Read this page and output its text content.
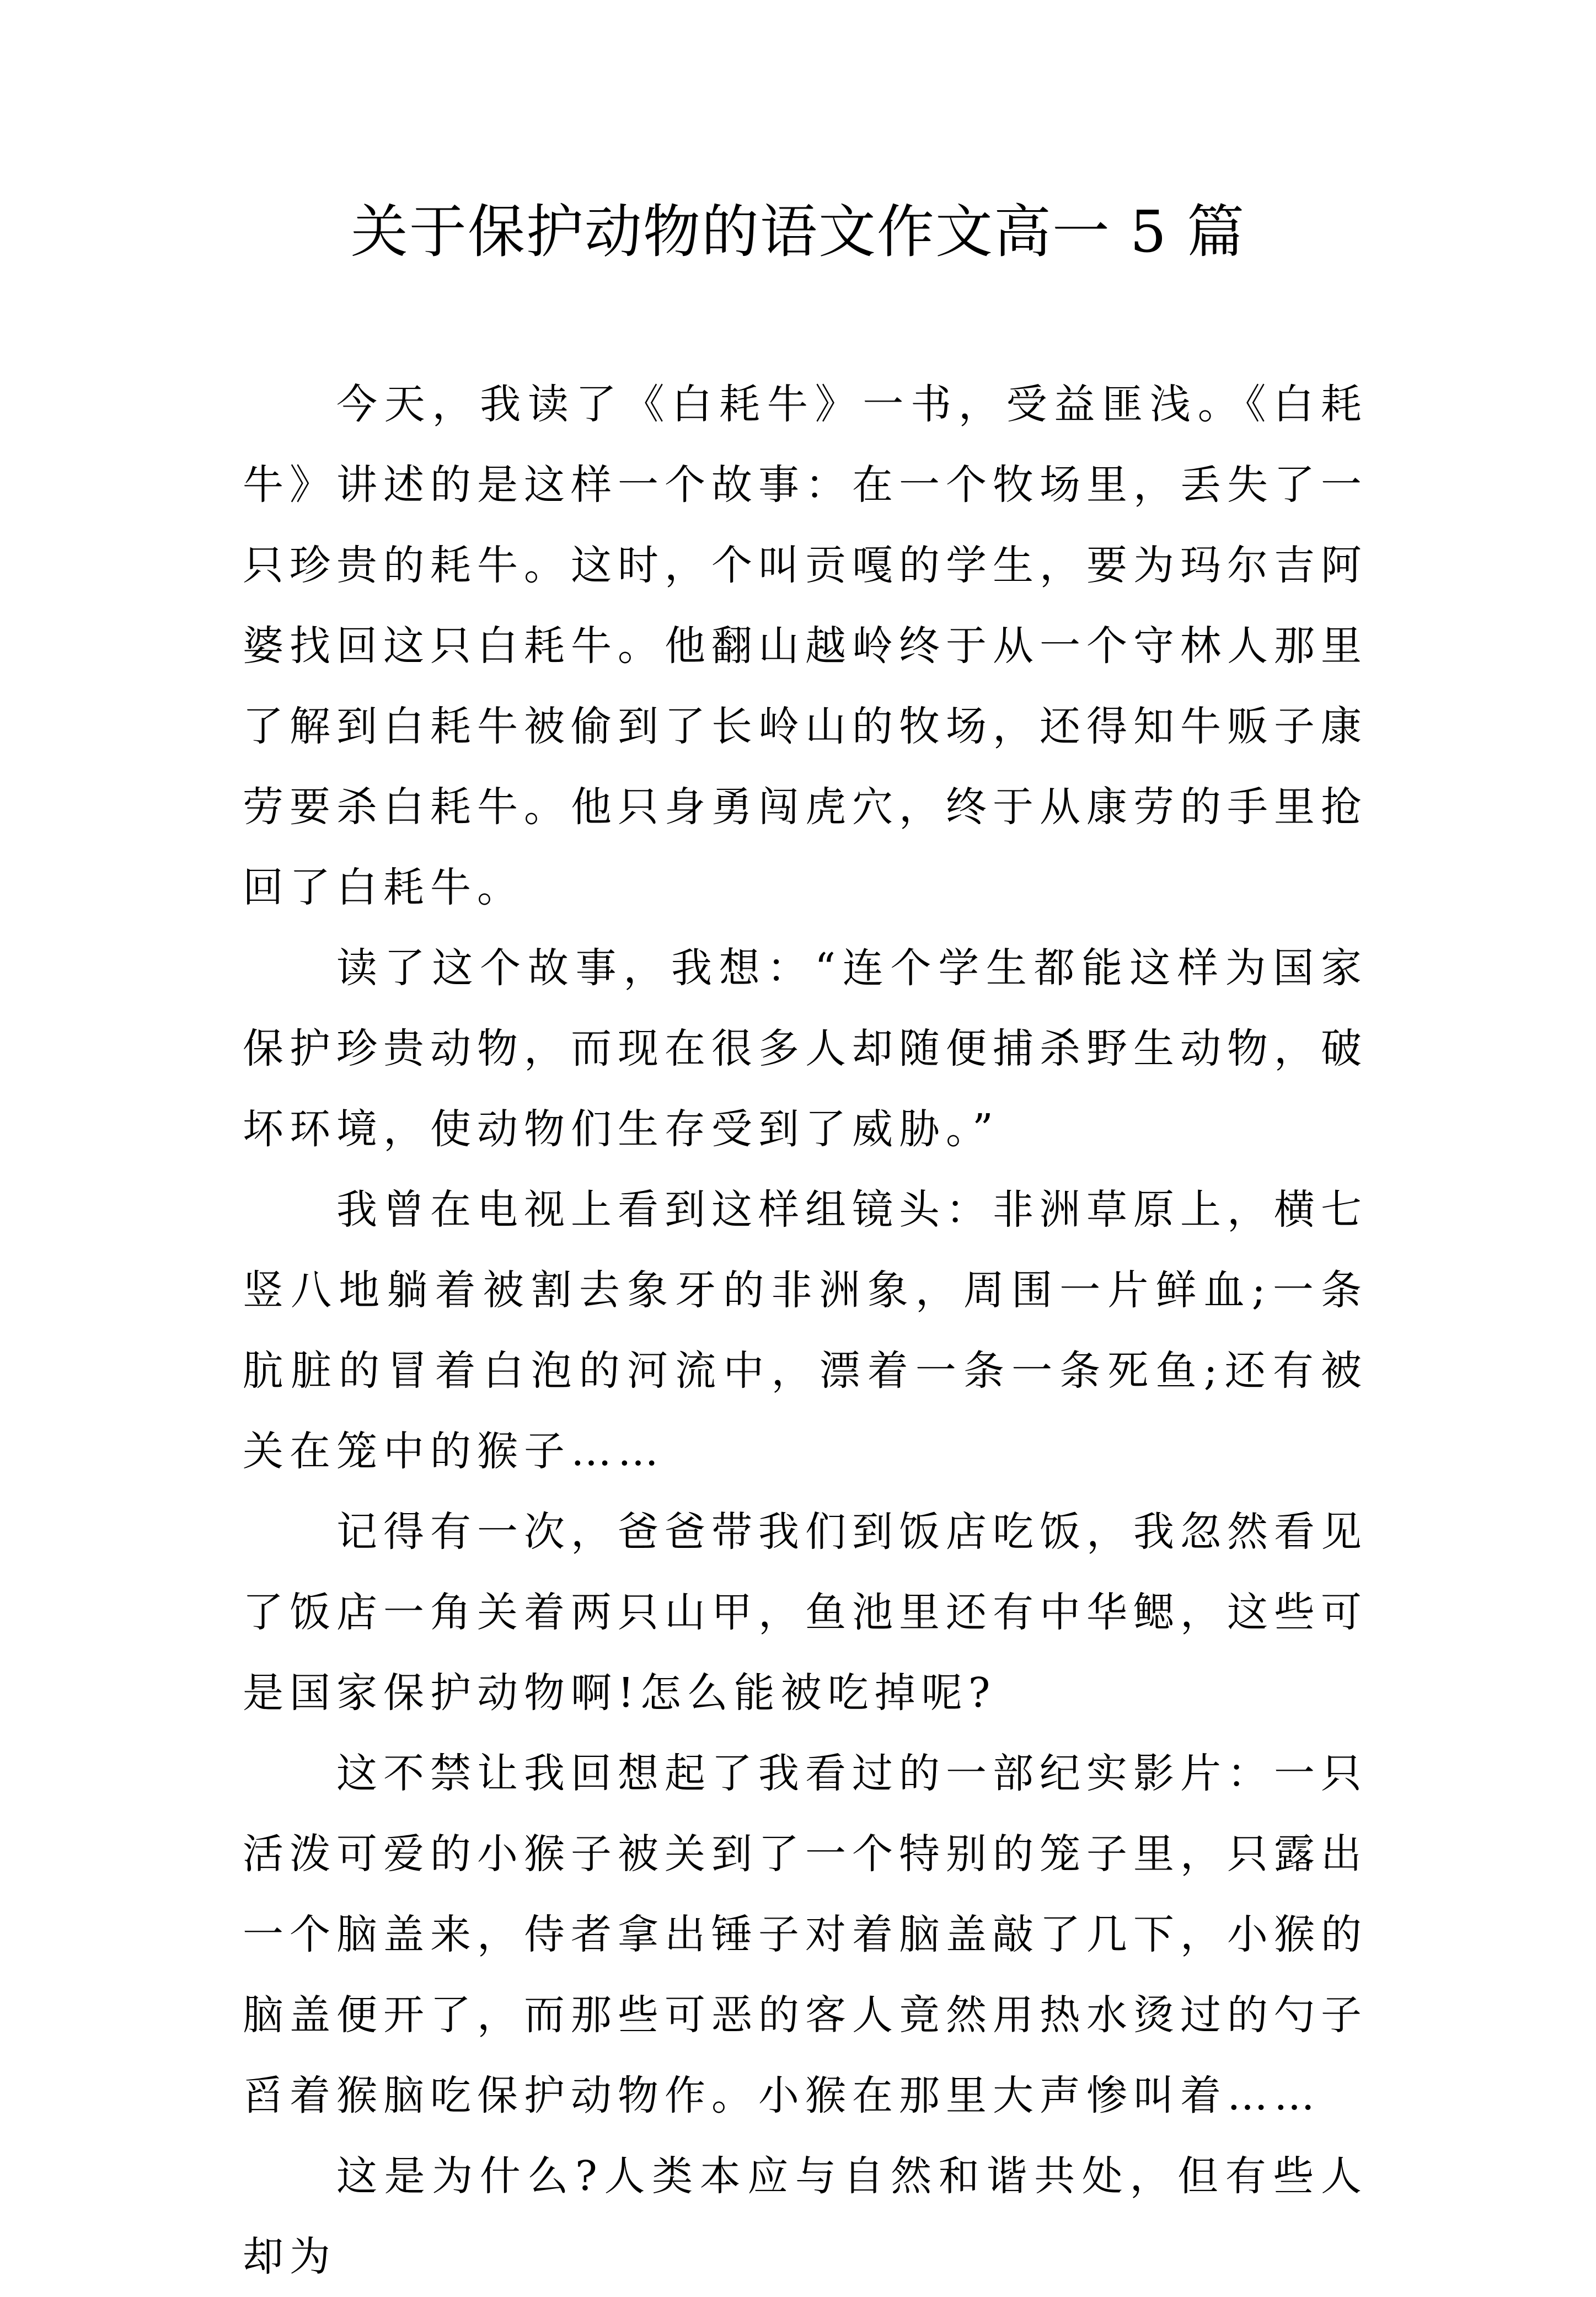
关于保护动物的语文作文高一 5 篇

今天，我读了《白耗牛》一书，受益匪浅。《白耗牛》讲述的是这样一个故事：在一个牧场里，丢失了一只珍贵的耗牛。这时，个叫贡嘎的学生，要为玛尔吉阿婆找回这只白耗牛。他翻山越岭终于从一个守林人那里了解到白耗牛被偷到了长岭山的牧场，还得知牛贩子康劳要杀白耗牛。他只身勇闯虎穴，终于从康劳的手里抢回了白耗牛。

读了这个故事，我想：“连个学生都能这样为国家保护珍贵动物，而现在很多人却随便捕杀野生动物，破坏环境，使动物们生存受到了威胁。”

我曾在电视上看到这样组镜头：非洲草原上，横七竖八地躺着被割去象牙的非洲象，周围一片鲜血;一条肮脏的冒着白泡的河流中，漂着一条一条死鱼;还有被关在笼中的猴子……

记得有一次，爸爸带我们到饭店吃饭，我忽然看见了饭店一角关着两只山甲，鱼池里还有中华鳃，这些可是国家保护动物啊!怎么能被吃掉呢?

这不禁让我回想起了我看过的一部纪实影片：一只活泼可爱的小猴子被关到了一个特别的笼子里，只露出一个脑盖来，侍者拿出锤子对着脑盖敲了几下，小猴的脑盖便开了，而那些可恶的客人竟然用热水烫过的勺子舀着猴脑吃保护动物作。小猴在那里大声惨叫着……

这是为什么?人类本应与自然和谐共处，但有些人却为
